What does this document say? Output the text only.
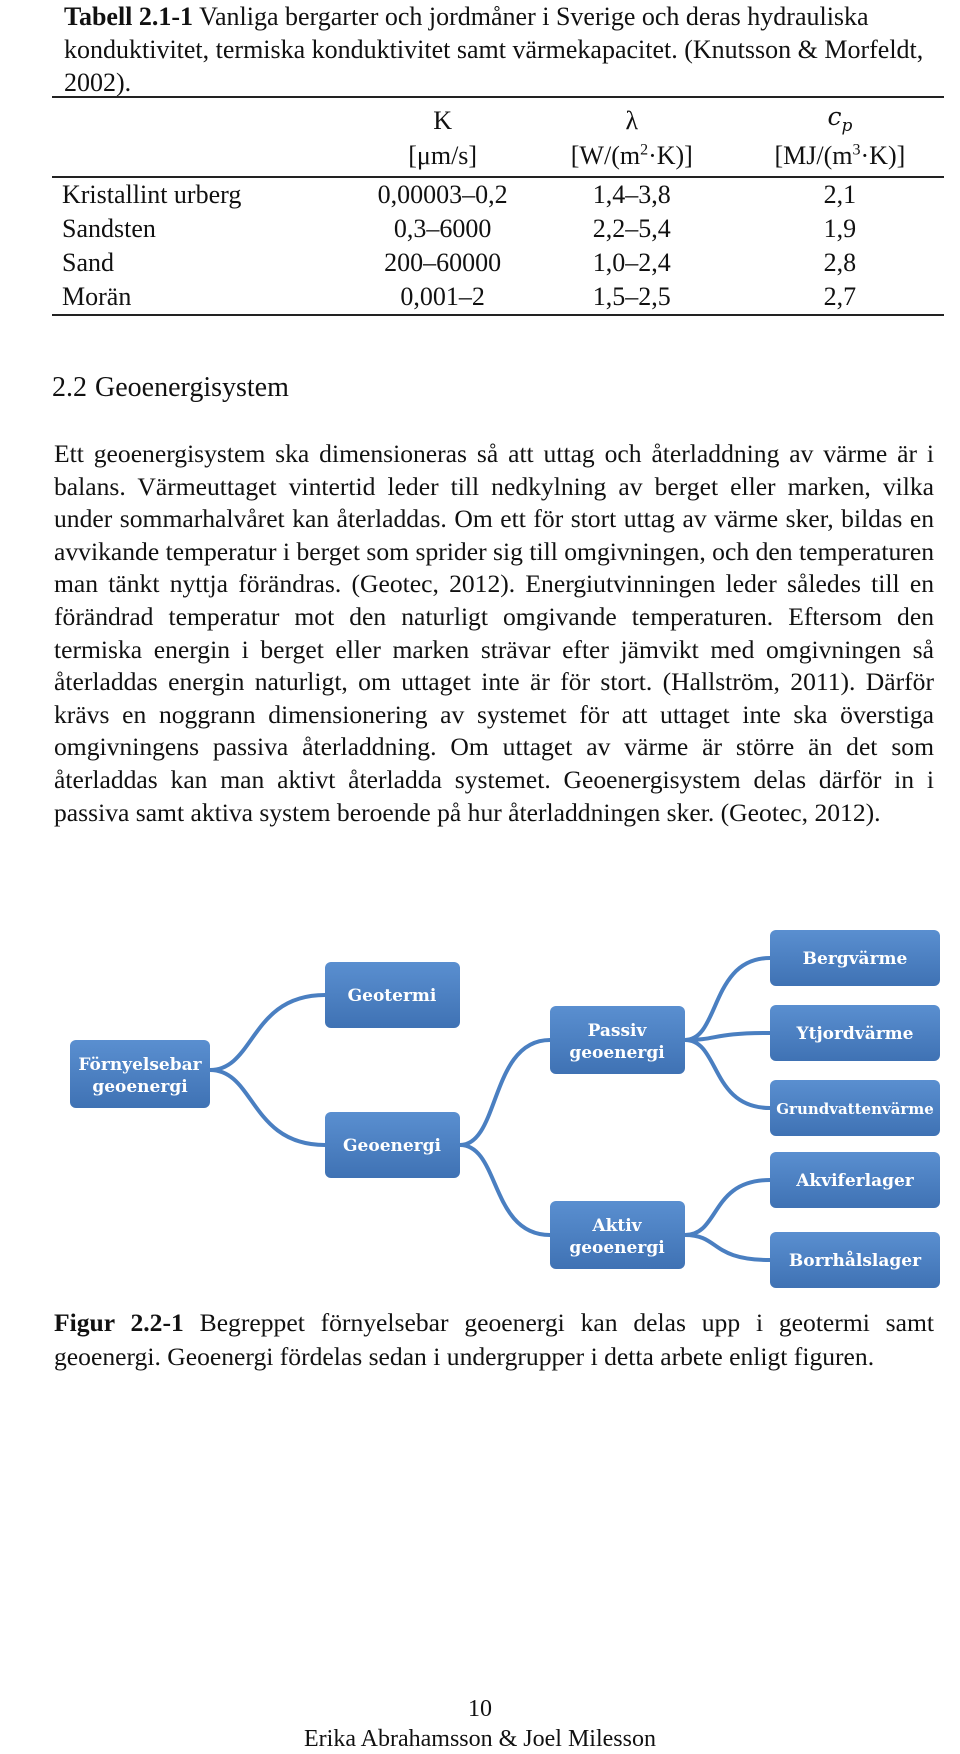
Tabell 2.1-1 Vanliga bergarter och jordmåner i Sverige och deras hydrauliska konduktivitet, termiska konduktivitet samt värmekapacitet. (Knutsson & Morfeldt, 2002).
	K	λ	$c_p$
	[μm/s]	$[W/(m^2\cdot K)]$	$[MJ/(m^3\cdot K)]$
Kristallint urberg	0,00003–0,2	1,4–3,8	2,1
Sandsten	0,3–6000	2,2–5,4	1,9
Sand	200–60000	1,0–2,4	2,8
Morän	0,001–2	1,5–2,5	2,7
2.2 Geoenergisystem
Ett geoenergisystem ska dimensioneras så att uttag och återladdning av värme är i balans. Värmeuttaget vintertid leder till nedkylning av berget eller marken, vilka under sommarhalvåret kan återladdas. Om ett för stort uttag av värme sker, bildas en avvikande temperatur i berget som sprider sig till omgivningen, och den temperaturen man tänkt nyttja förändras. (Geotec, 2012). Energiutvinningen leder således till en förändrad temperatur mot den naturligt omgivande temperaturen. Eftersom den termiska energin i berget eller marken strävar efter jämvikt med omgivningen så återladdas energin naturligt, om uttaget inte är för stort. (Hallström, 2011). Därför krävs en noggrann dimensionering av systemet för att uttaget inte ska överstiga omgivningens passiva återladdning. Om uttaget av värme är större än det som återladdas kan man aktivt återladda systemet. Geoenergisystem delas därför in i passiva samt aktiva system beroende på hur återladdningen sker. (Geotec, 2012).
Förnyelsebar
geoenergi
Geotermi
Geoenergi
Passiv
geoenergi
Aktiv
geoenergi
Bergvärme
Ytjordvärme
Grundvattenvärme
Akviferlager
Borrhålslager
Figur 2.2-1 Begreppet förnyelsebar geoenergi kan delas upp i geotermi samt geoenergi. Geoenergi fördelas sedan i undergrupper i detta arbete enligt figuren.
10
Erika Abrahamsson & Joel Milesson
